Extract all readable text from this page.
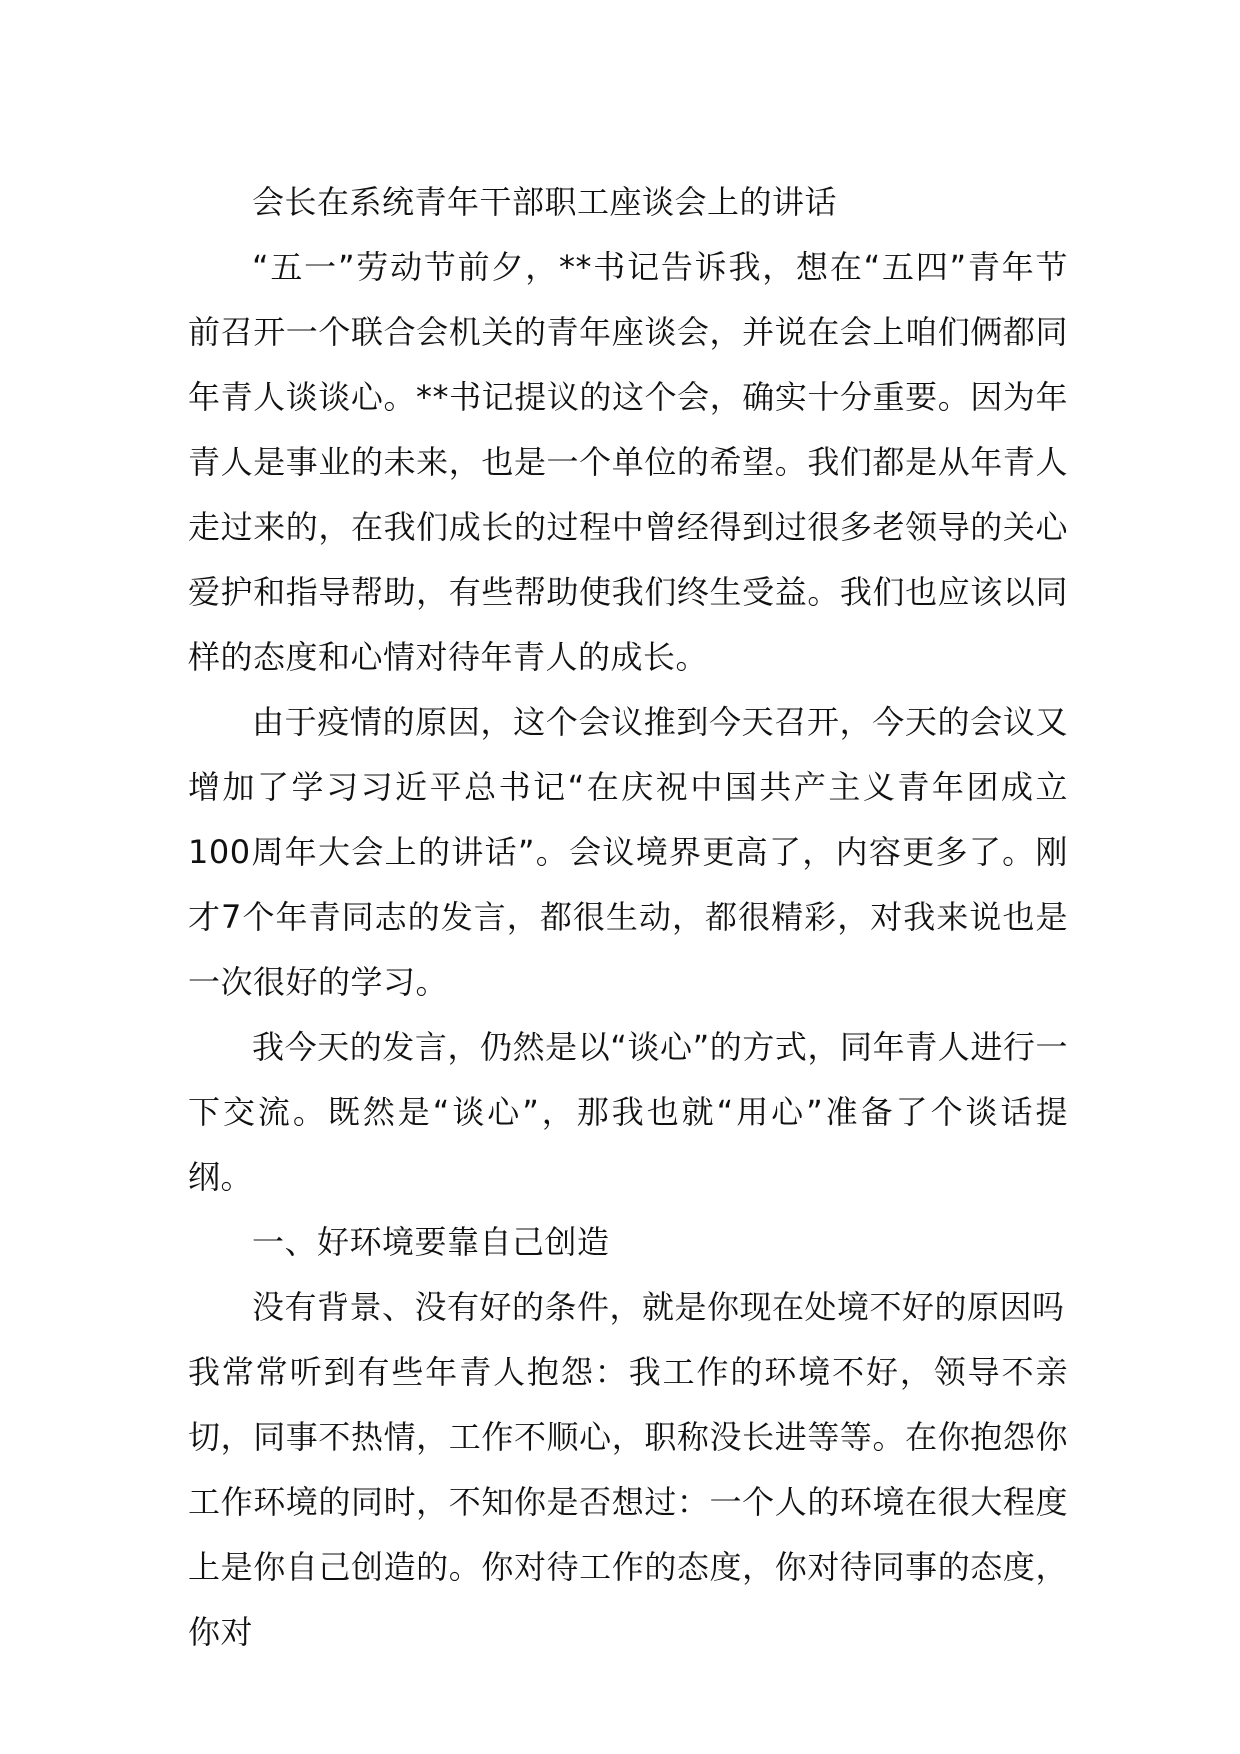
会长在系统青年干部职工座谈会上的讲话

“五一”劳动节前夕，**书记告诉我，想在“五四”青年节前召开一个联合会机关的青年座谈会，并说在会上咱们俩都同年青人谈谈心。**书记提议的这个会，确实十分重要。因为年青人是事业的未来，也是一个单位的希望。我们都是从年青人走过来的，在我们成长的过程中曾经得到过很多老领导的关心爱护和指导帮助，有些帮助使我们终生受益。我们也应该以同样的态度和心情对待年青人的成长。

由于疫情的原因，这个会议推到今天召开，今天的会议又增加了学习习近平总书记“在庆祝中国共产主义青年团成立100周年大会上的讲话”。会议境界更高了，内容更多了。刚才7个年青同志的发言，都很生动，都很精彩，对我来说也是一次很好的学习。

我今天的发言，仍然是以“谈心”的方式，同年青人进行一下交流。既然是“谈心”，那我也就“用心”准备了个谈话提纲。

一、好环境要靠自己创造

没有背景、没有好的条件，就是你现在处境不好的原因吗

我常常听到有些年青人抱怨：我工作的环境不好，领导不亲切，同事不热情，工作不顺心，职称没长进等等。在你抱怨你工作环境的同时，不知你是否想过：一个人的环境在很大程度上是你自己创造的。你对待工作的态度，你对待同事的态度，你对
